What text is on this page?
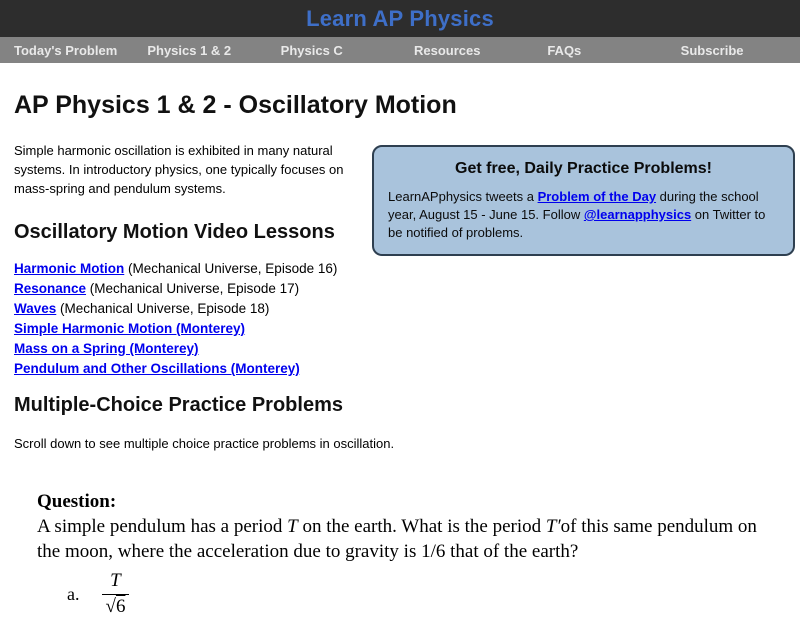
Learn AP Physics
Today's Problem	Physics 1 & 2	Physics C	Resources	FAQs	Subscribe
AP Physics 1 & 2 - Oscillatory Motion

Simple harmonic oscillation is exhibited in many natural systems. In introductory physics, one typically focuses on mass-spring and pendulum systems.

Get free, Daily Practice Problems!

LearnAPphysics tweets a Problem of the Day during the school year, August 15 - June 15. Follow @learnapphysics on Twitter to be notified of problems.

Oscillatory Motion Video Lessons
Harmonic Motion (Mechanical Universe, Episode 16)
Resonance (Mechanical Universe, Episode 17)
Waves (Mechanical Universe, Episode 18)
Simple Harmonic Motion (Monterey)
Mass on a Spring (Monterey)
Pendulum and Other Oscillations (Monterey)
Multiple-Choice Practice Problems

Scroll down to see multiple choice practice problems in oscillation.

Question:

A simple pendulum has a period T on the earth. What is the period T′of this same pendulum on the moon, where the acceleration due to gravity is 1/6 that of the earth?

a. $\frac{T}{√6}$
